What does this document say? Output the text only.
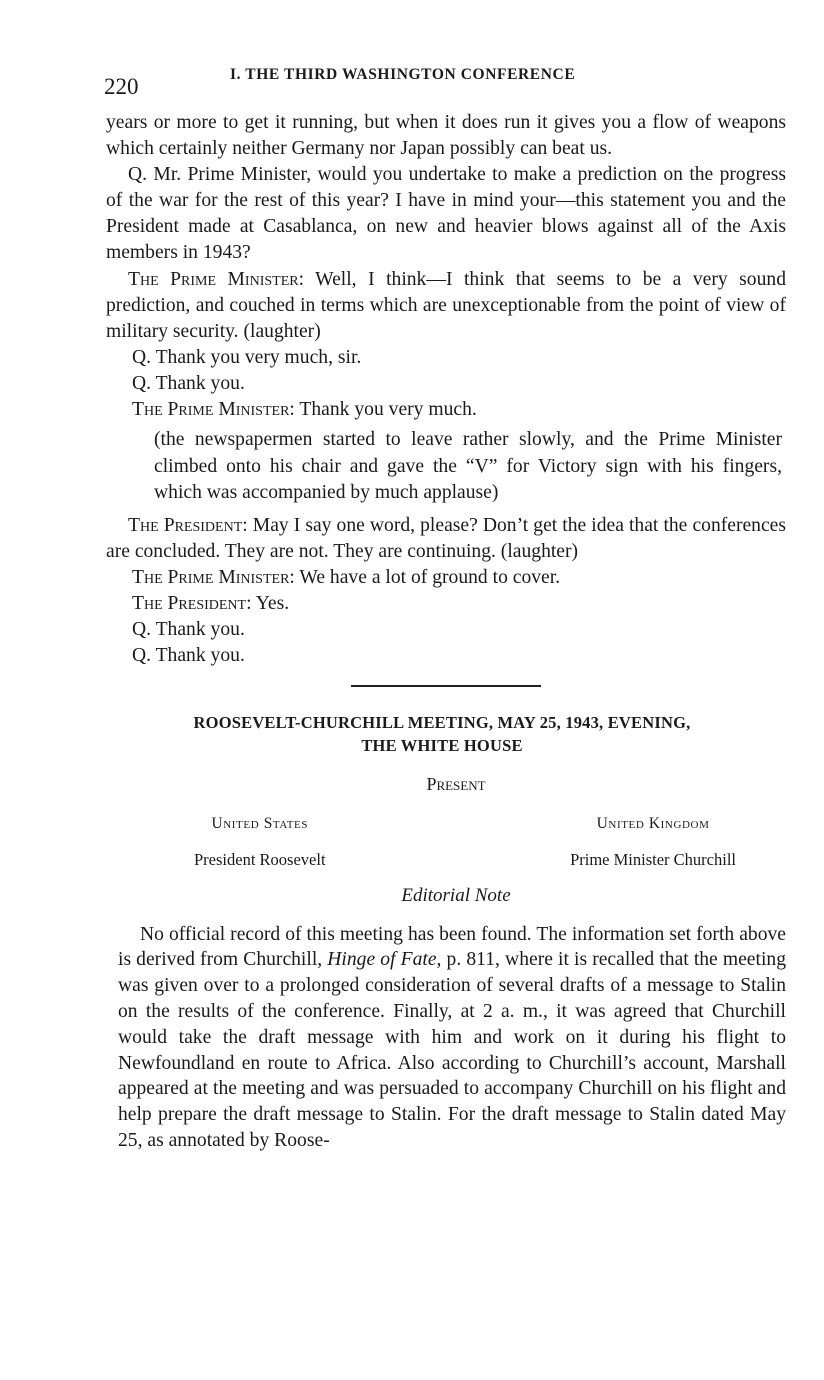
220	I. THE THIRD WASHINGTON CONFERENCE

years or more to get it running, but when it does run it gives you a flow of weapons which certainly neither Germany nor Japan possibly can beat us.

Q. Mr. Prime Minister, would you undertake to make a prediction on the progress of the war for the rest of this year? I have in mind your—this statement you and the President made at Casablanca, on new and heavier blows against all of the Axis members in 1943?

The Prime Minister: Well, I think—I think that seems to be a very sound prediction, and couched in terms which are unexceptionable from the point of view of military security. (laughter)

Q. Thank you very much, sir.

Q. Thank you.

The Prime Minister: Thank you very much.

(the newspapermen started to leave rather slowly, and the Prime Minister climbed onto his chair and gave the “V” for Victory sign with his fingers, which was accompanied by much applause)

The President: May I say one word, please? Don’t get the idea that the conferences are concluded. They are not. They are continuing. (laughter)

The Prime Minister: We have a lot of ground to cover.

The President: Yes.

Q. Thank you.

Q. Thank you.

ROOSEVELT-CHURCHILL MEETING, MAY 25, 1943, EVENING,
THE WHITE HOUSE
Present
United States
President Roosevelt
United Kingdom
Prime Minister Churchill
Editorial Note

No official record of this meeting has been found. The information set forth above is derived from Churchill, Hinge of Fate, p. 811, where it is recalled that the meeting was given over to a prolonged consideration of several drafts of a message to Stalin on the results of the conference. Finally, at 2 a. m., it was agreed that Churchill would take the draft message with him and work on it during his flight to Newfoundland en route to Africa. Also according to Churchill’s account, Marshall appeared at the meeting and was persuaded to accompany Churchill on his flight and help prepare the draft message to Stalin. For the draft message to Stalin dated May 25, as annotated by Roose-
